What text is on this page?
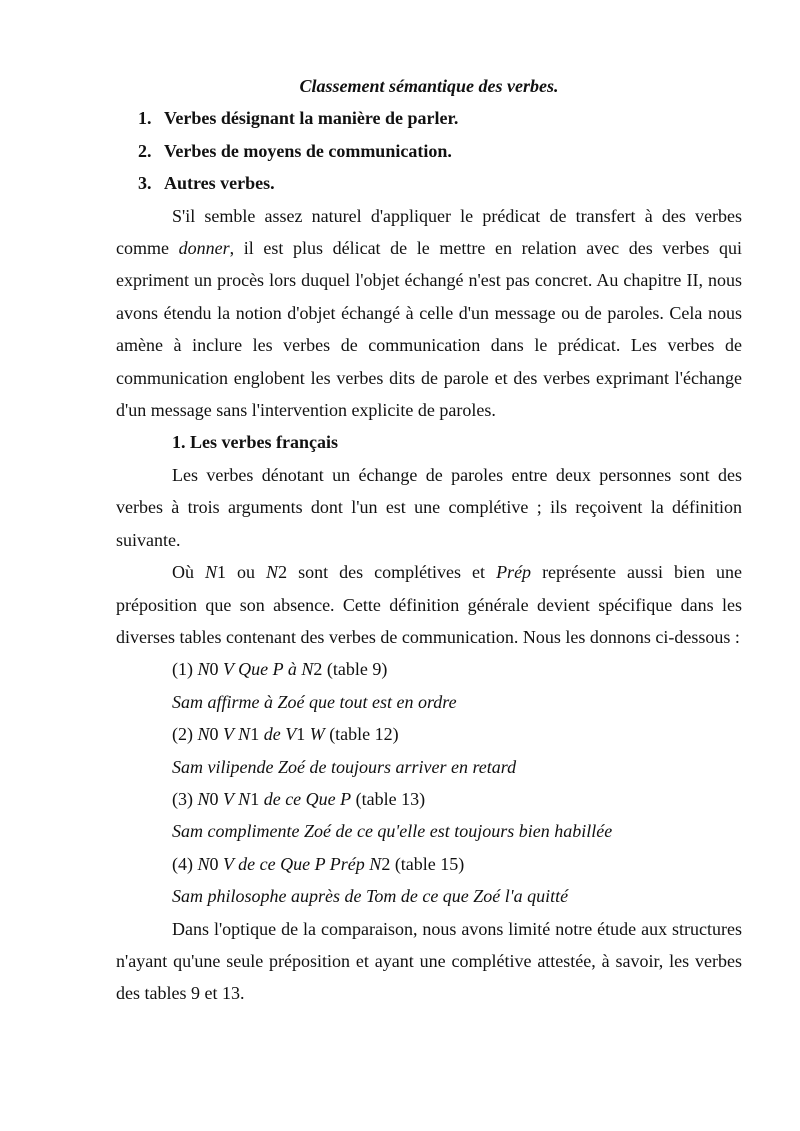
Classement sémantique des verbes.
1. Verbes désignant la manière de parler.
2. Verbes de moyens de communication.
3. Autres verbes.

S'il semble assez naturel d'appliquer le prédicat de transfert à des verbes comme donner, il est plus délicat de le mettre en relation avec des verbes qui expriment un procès lors duquel l'objet échangé n'est pas concret. Au chapitre II, nous avons étendu la notion d'objet échangé à celle d'un message ou de paroles. Cela nous amène à inclure les verbes de communication dans le prédicat. Les verbes de communication englobent les verbes dits de parole et des verbes exprimant l'échange d'un message sans l'intervention explicite de paroles.

1. Les verbes français

Les verbes dénotant un échange de paroles entre deux personnes sont des verbes à trois arguments dont l'un est une complétive ; ils reçoivent la définition suivante.

Où N1 ou N2 sont des complétives et Prép représente aussi bien une préposition que son absence. Cette définition générale devient spécifique dans les diverses tables contenant des verbes de communication. Nous les donnons ci-dessous :

(1) N0 V Que P à N2 (table 9)
Sam affirme à Zoé que tout est en ordre
(2) N0 V N1 de V1 W (table 12)
Sam vilipende Zoé de toujours arriver en retard
(3) N0 V N1 de ce Que P (table 13)
Sam complimente Zoé de ce qu'elle est toujours bien habillée
(4) N0 V de ce Que P Prép N2 (table 15)
Sam philosophe auprès de Tom de ce que Zoé l'a quitté

Dans l'optique de la comparaison, nous avons limité notre étude aux structures n'ayant qu'une seule préposition et ayant une complétive attestée, à savoir, les verbes des tables 9 et 13.
